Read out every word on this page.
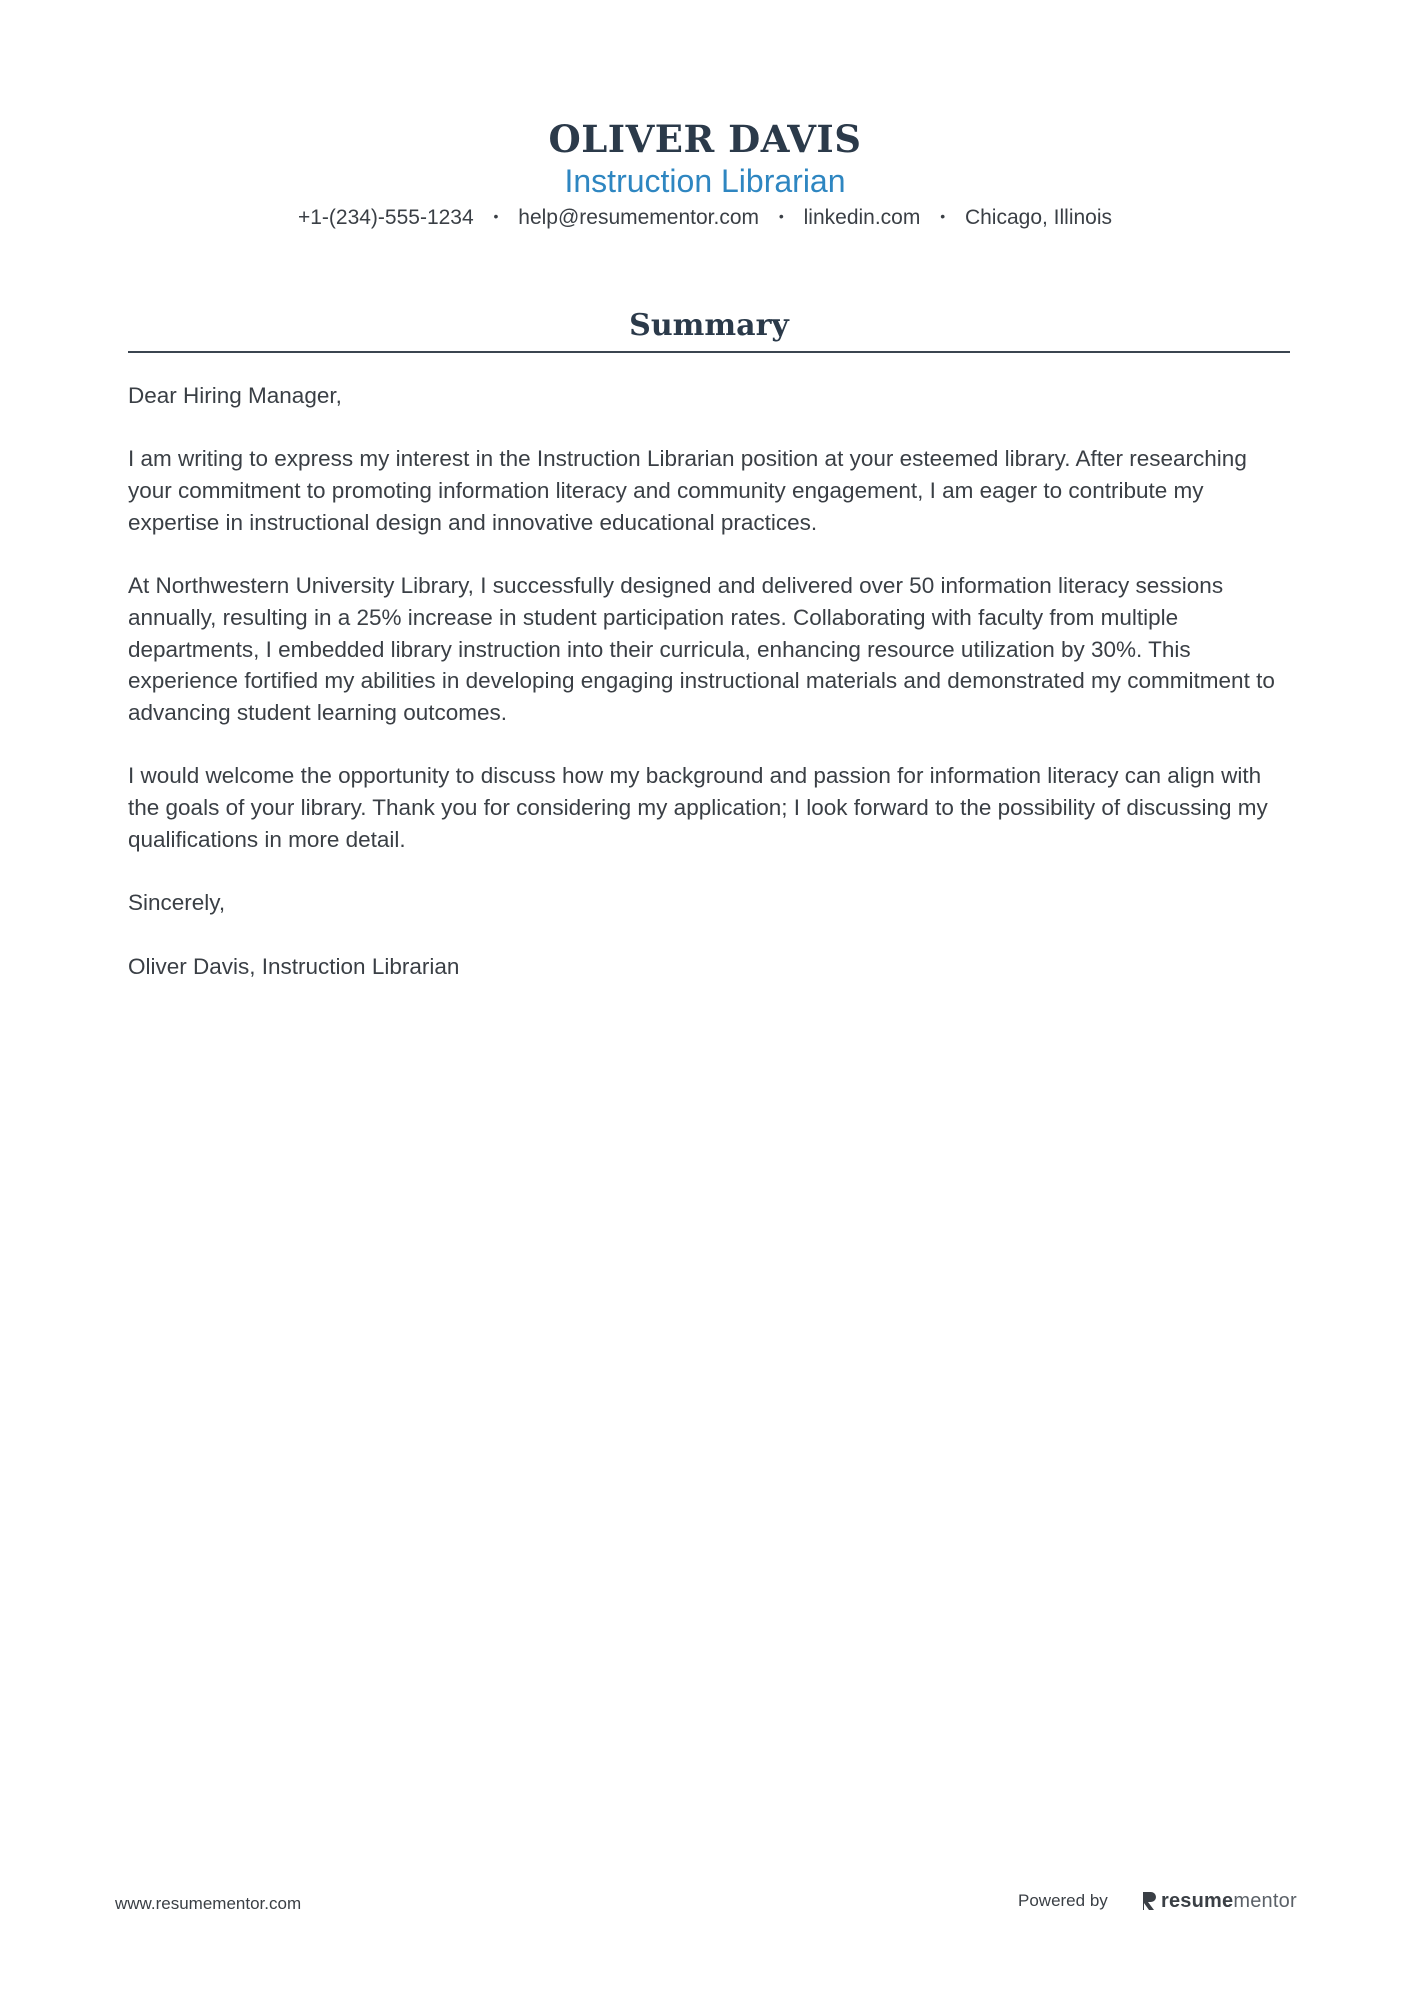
OLIVER DAVIS
Instruction Librarian
+1-(234)-555-1234 • help@resumementor.com • linkedin.com • Chicago, Illinois
Summary

Dear Hiring Manager,

I am writing to express my interest in the Instruction Librarian position at your esteemed library. After researching your commitment to promoting information literacy and community engagement, I am eager to contribute my expertise in instructional design and innovative educational practices.

At Northwestern University Library, I successfully designed and delivered over 50 information literacy sessions annually, resulting in a 25% increase in student participation rates. Collaborating with faculty from multiple departments, I embedded library instruction into their curricula, enhancing resource utilization by 30%. This experience fortified my abilities in developing engaging instructional materials and demonstrated my commitment to advancing student learning outcomes.

I would welcome the opportunity to discuss how my background and passion for information literacy can align with the goals of your library. Thank you for considering my application; I look forward to the possibility of discussing my qualifications in more detail.

Sincerely,

Oliver Davis, Instruction Librarian

www.resumementor.com	Powered by	resumementor
